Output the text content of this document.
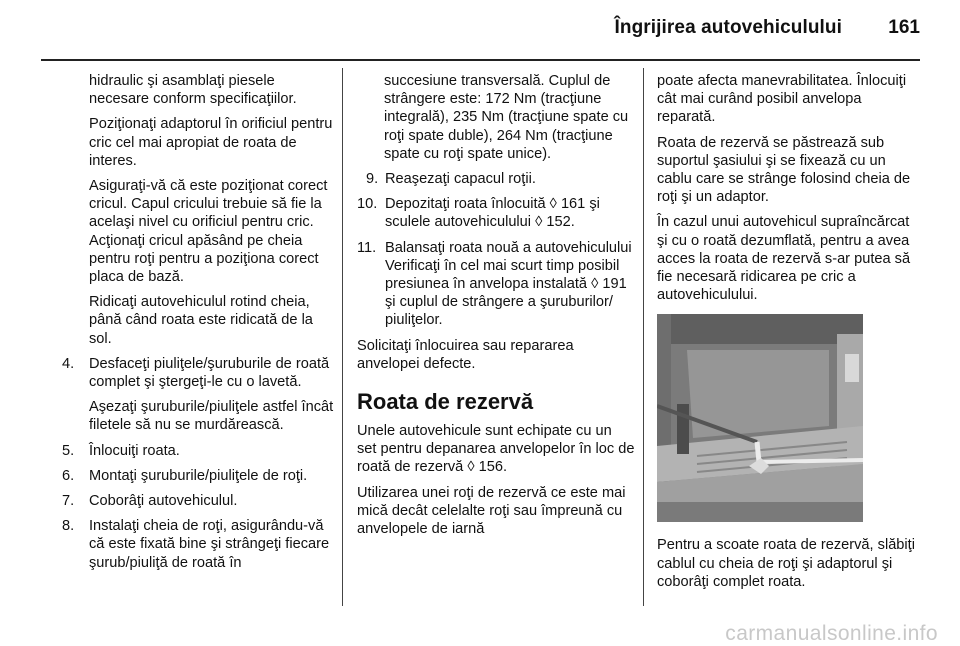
Îngrijirea autovehiculului 161

hidraulic şi asamblaţi piesele necesare conform specificaţiilor.

Poziţionaţi adaptorul în orificiul pentru cric cel mai apropiat de roata de interes.

Asiguraţi-vă că este poziţionat corect cricul. Capul cricului trebuie să fie la acelaşi nivel cu orificiul pentru cric. Acţionaţi cricul apăsând pe cheia pentru roţi pentru a poziţiona corect placa de bază.

Ridicaţi autovehiculul rotind cheia, până când roata este ridicată de la sol.

4. Desfaceţi piuliţele/şuruburile de roată complet şi ştergeţi-le cu o lavetă.

Aşezaţi şuruburile/piuliţele astfel încât filetele să nu se murdărească.

5. Înlocuiţi roata.
6. Montaţi şuruburile/piuliţele de roţi.
7. Coborâţi autovehiculul.
8. Instalaţi cheia de roţi, asigurându-vă că este fixată bine şi strângeţi fiecare şurub/piuliţă de roată în

succesiune transversală. Cuplul de strângere este: 172 Nm (tracţiune integrală), 235 Nm (tracţiune spate cu roţi spate duble), 264 Nm (tracţiune spate cu roţi spate unice).

9. Reaşezaţi capacul roţii.
10. Depozitaţi roata înlocuită ◊ 161 şi sculele autovehiculului ◊ 152.
11. Balansaţi roata nouă a autovehiculului Verificaţi în cel mai scurt timp posibil presiunea în anvelopa instalată ◊ 191 şi cuplul de strângere a şuruburilor/ piuliţelor.

Solicitaţi înlocuirea sau repararea anvelopei defecte.

Roata de rezervă

Unele autovehicule sunt echipate cu un set pentru depanarea anvelopelor în loc de roată de rezervă ◊ 156.

Utilizarea unei roţi de rezervă ce este mai mică decât celelalte roţi sau împreună cu anvelopele de iarnă

poate afecta manevrabilitatea. Înlocuiţi cât mai curând posibil anvelopa reparată.

Roata de rezervă se păstrează sub suportul şasiului şi se fixează cu un cablu care se strânge folosind cheia de roţi şi un adaptor.

În cazul unui autovehicul supraîncărcat şi cu o roată dezumflată, pentru a avea acces la roata de rezervă s-ar putea să fie necesară ridicarea pe cric a autovehiculului.

Pentru a scoate roata de rezervă, slăbiţi cablul cu cheia de roţi şi adaptorul şi coborâţi complet roata.

carmanualsonline.info
